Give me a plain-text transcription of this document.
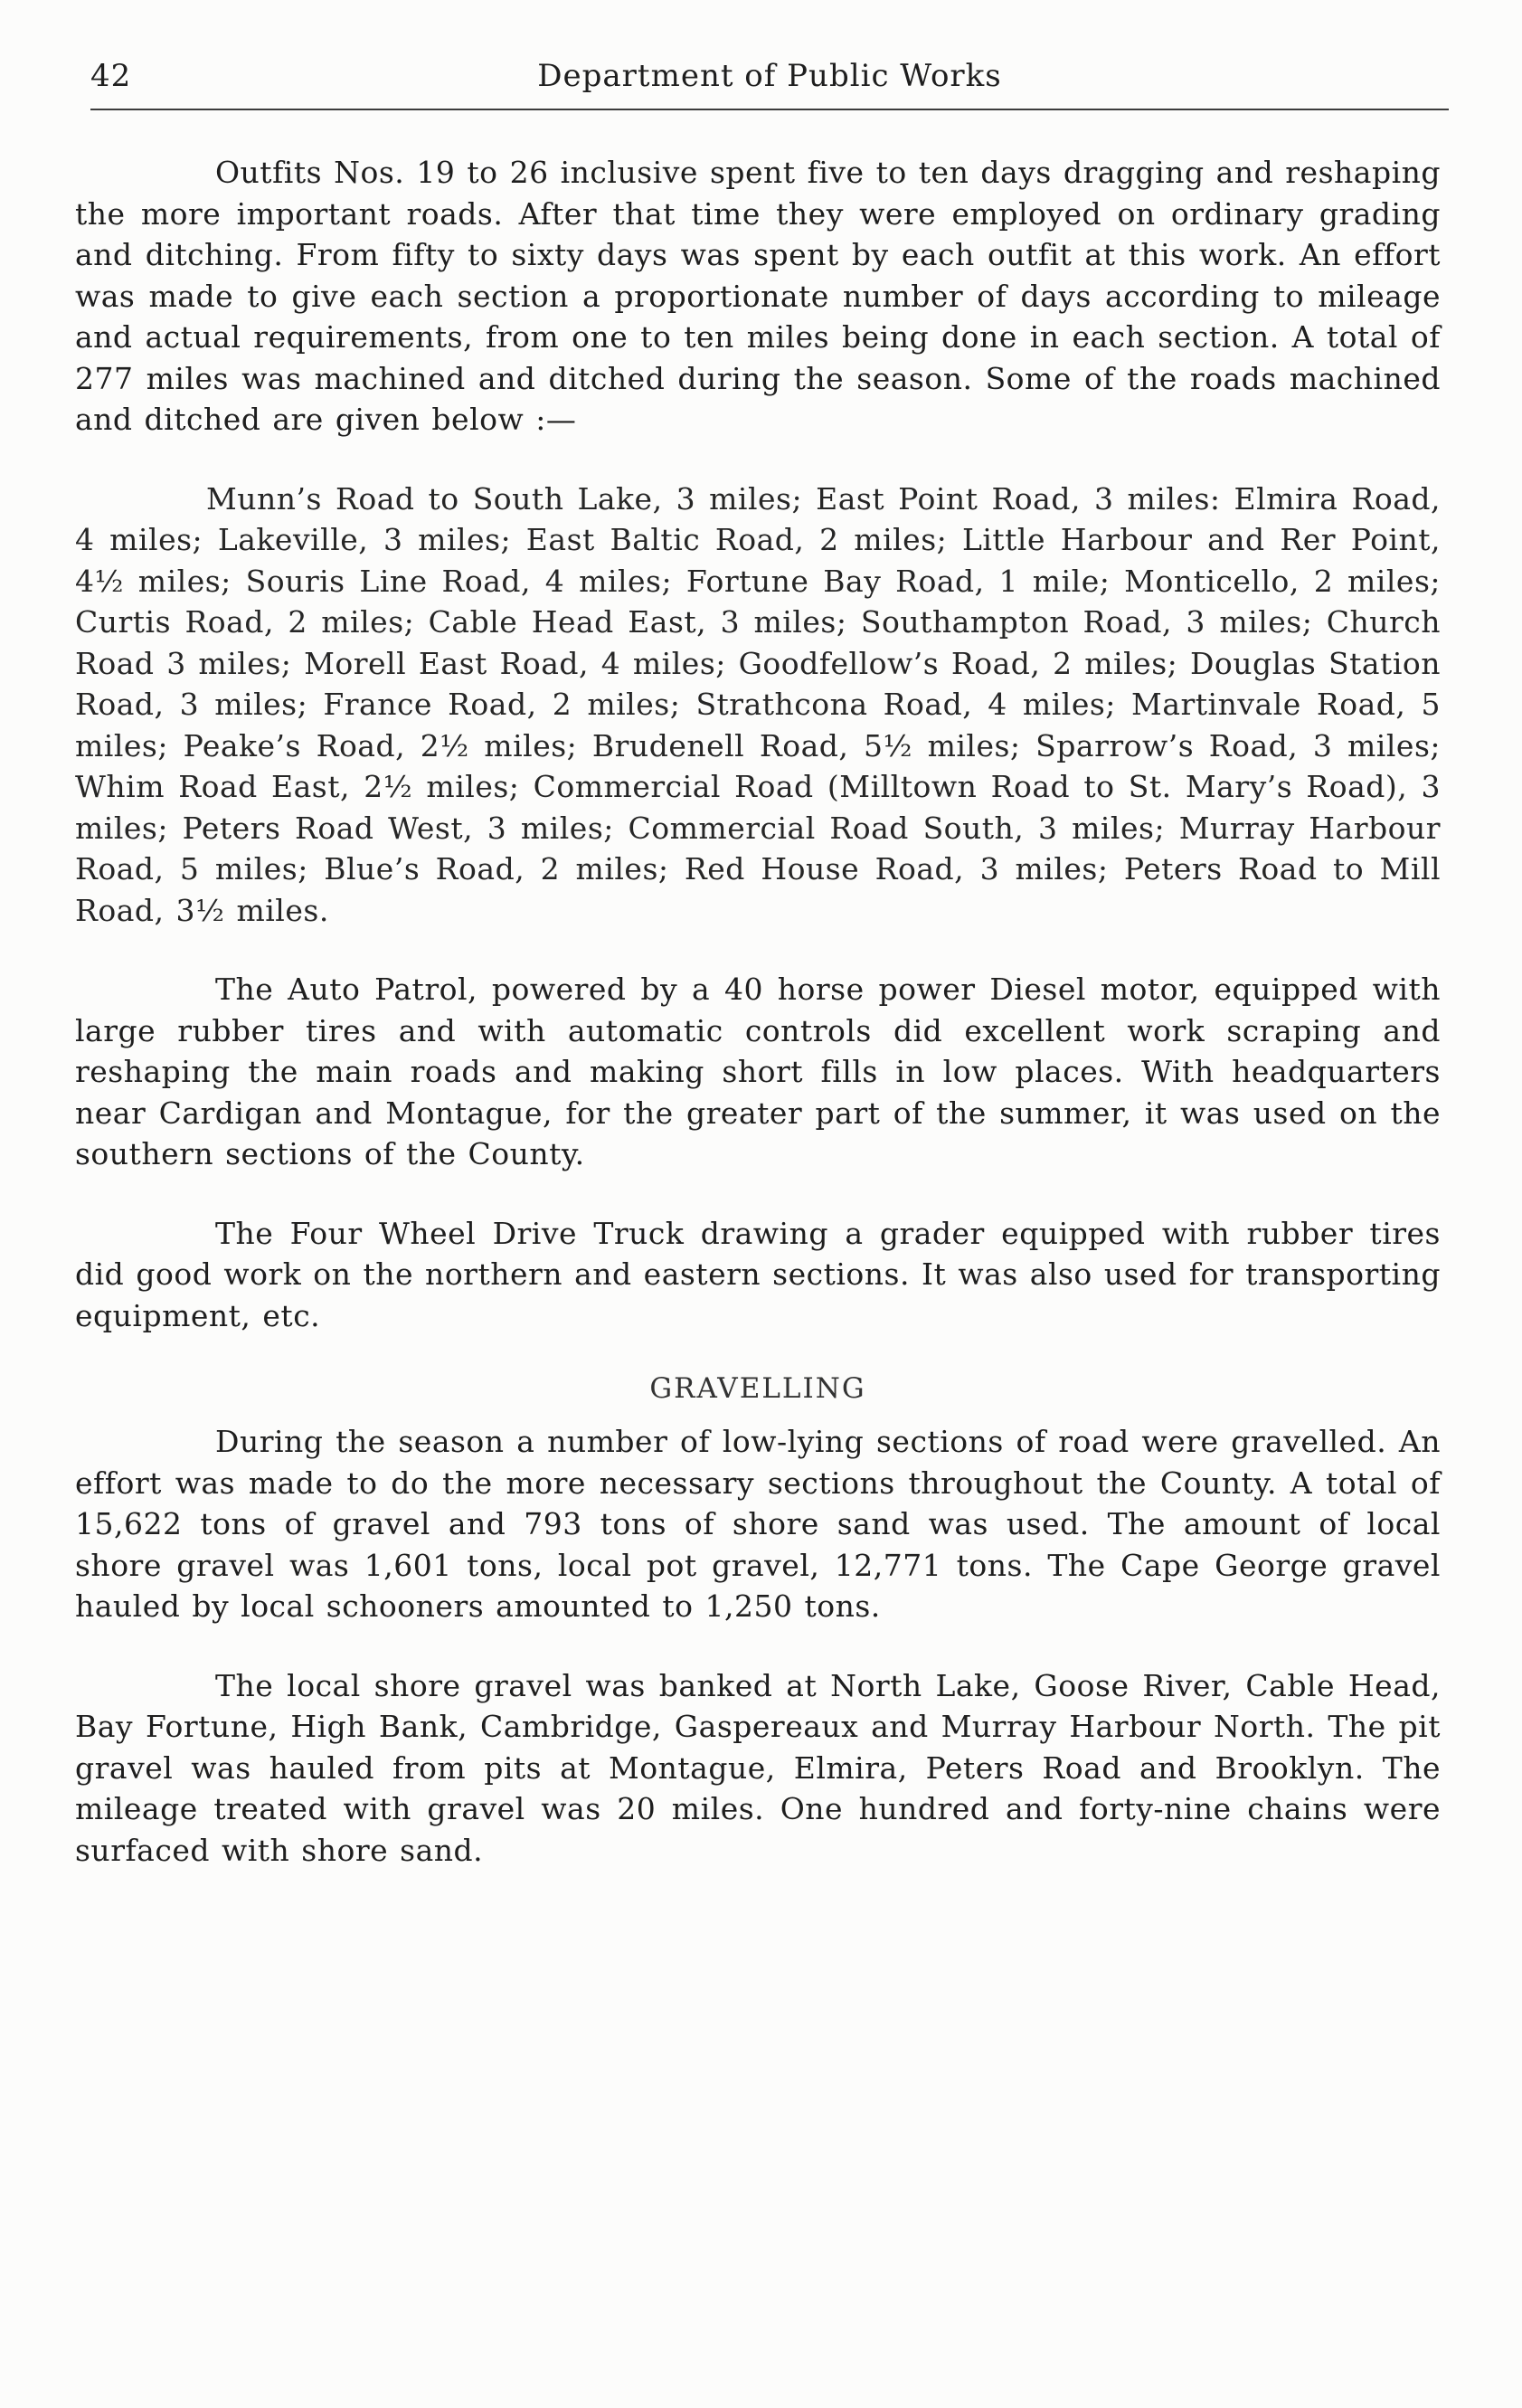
42	Department of Public Works

Outfits Nos. 19 to 26 inclusive spent five to ten days dragging and reshaping the more important roads. After that time they were employed on ordinary grading and ditching. From fifty to sixty days was spent by each outfit at this work. An effort was made to give each section a proportionate number of days according to mileage and actual requirements, from one to ten miles being done in each section. A total of 277 miles was machined and ditched during the season. Some of the roads machined and ditched are given below :—

Munn’s Road to South Lake, 3 miles; East Point Road, 3 miles: Elmira Road, 4 miles; Lakeville, 3 miles; East Baltic Road, 2 miles; Little Harbour and Rer Point, 4½ miles; Souris Line Road, 4 miles; Fortune Bay Road, 1 mile; Monticello, 2 miles; Curtis Road, 2 miles; Cable Head East, 3 miles; Southampton Road, 3 miles; Church Road 3 miles; Morell East Road, 4 miles; Goodfellow’s Road, 2 miles; Douglas Station Road, 3 miles; France Road, 2 miles; Strathcona Road, 4 miles; Martinvale Road, 5 miles; Peake’s Road, 2½ miles; Brudenell Road, 5½ miles; Sparrow’s Road, 3 miles; Whim Road East, 2½ miles; Commercial Road (Milltown Road to St. Mary’s Road), 3 miles; Peters Road West, 3 miles; Commercial Road South, 3 miles; Murray Harbour Road, 5 miles; Blue’s Road, 2 miles; Red House Road, 3 miles; Peters Road to Mill Road, 3½ miles.

The Auto Patrol, powered by a 40 horse power Diesel motor, equipped with large rubber tires and with automatic controls did excellent work scraping and reshaping the main roads and making short fills in low places. With headquarters near Cardigan and Montague, for the greater part of the summer, it was used on the southern sections of the County.

The Four Wheel Drive Truck drawing a grader equipped with rubber tires did good work on the northern and eastern sections. It was also used for transporting equipment, etc.

GRAVELLING

During the season a number of low-lying sections of road were gravelled. An effort was made to do the more necessary sections throughout the County. A total of 15,622 tons of gravel and 793 tons of shore sand was used. The amount of local shore gravel was 1,601 tons, local pot gravel, 12,771 tons. The Cape George gravel hauled by local schooners amounted to 1,250 tons.

The local shore gravel was banked at North Lake, Goose River, Cable Head, Bay Fortune, High Bank, Cambridge, Gaspereaux and Murray Harbour North. The pit gravel was hauled from pits at Montague, Elmira, Peters Road and Brooklyn. The mileage treated with gravel was 20 miles. One hundred and forty-nine chains were surfaced with shore sand.
